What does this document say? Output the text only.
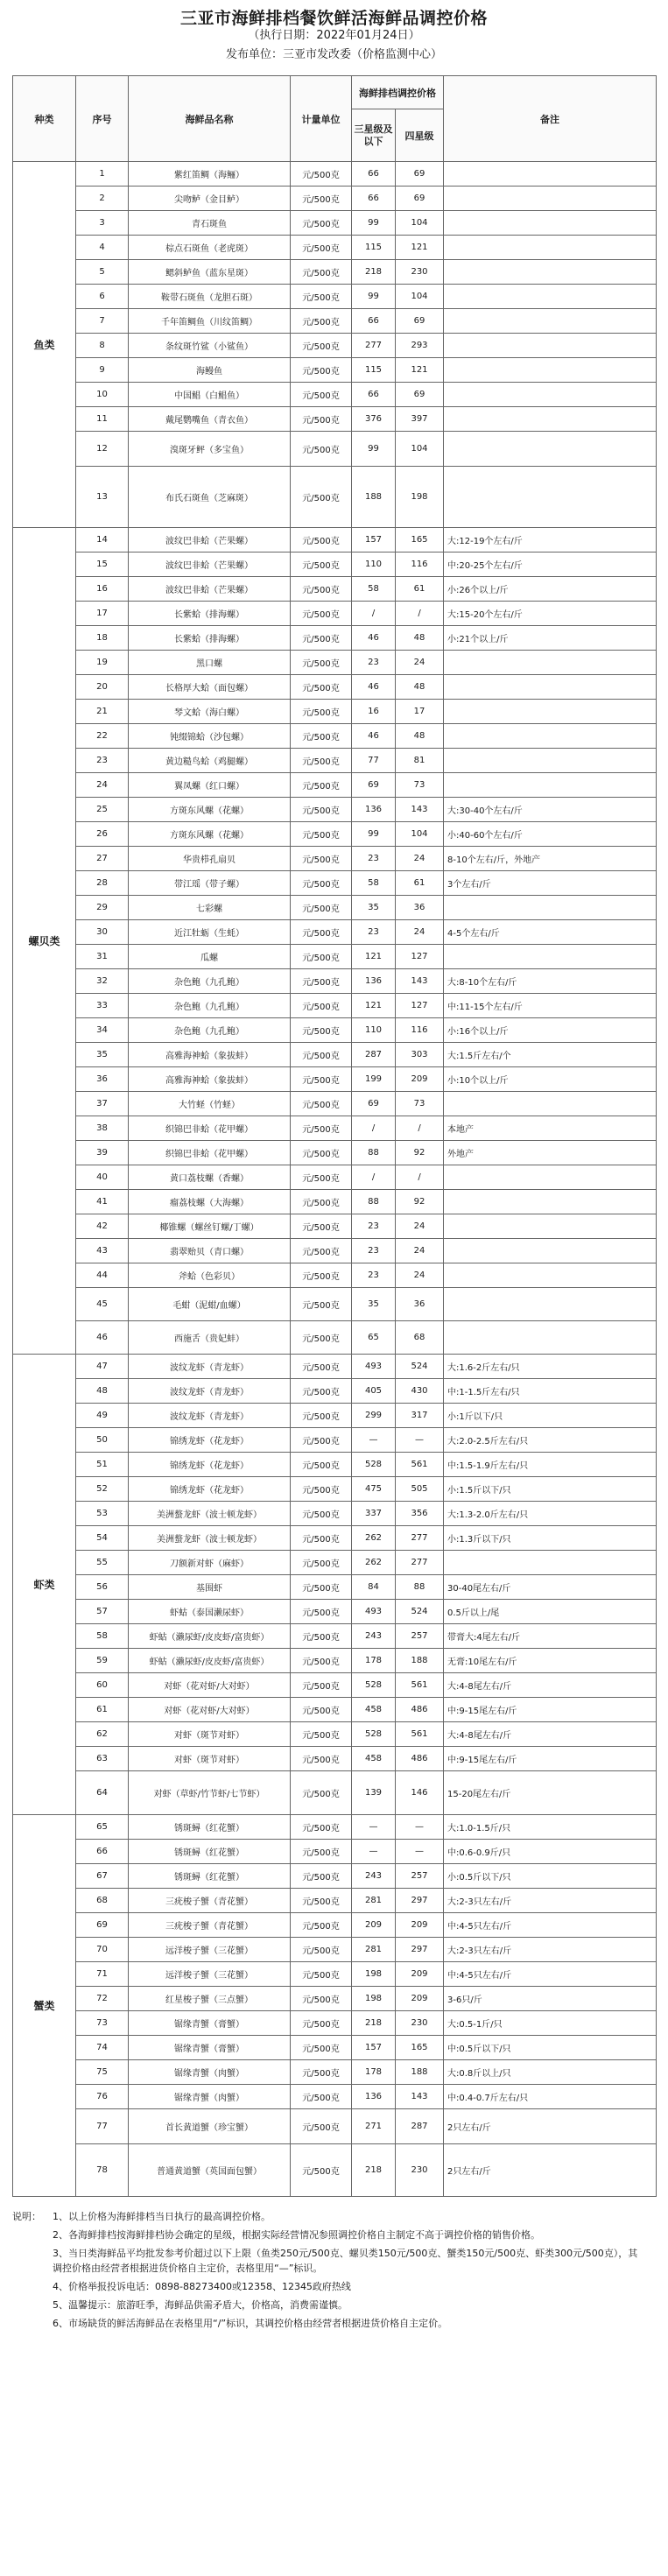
三亚市海鲜排档餐饮鲜活海鲜品调控价格
（执行日期：2022年01月24日）
发布单位：三亚市发改委（价格监测中心）
种类	序号	海鲜品名称	计量单位	海鲜排档调控价格		备注
				三星级及以下	四星级	
鱼类	1	紫红笛鲷（海鲡）	元/500克	66	69	
	2	尖吻鲈（金目鲈）	元/500克	66	69	
	3	青石斑鱼	元/500克	99	104	
	4	棕点石斑鱼（老虎斑）	元/500克	115	121	
	5	鳃斜鲈鱼（蓝东星斑）	元/500克	218	230	
	6	鞍带石斑鱼（龙胆石斑）	元/500克	99	104	
	7	千年笛鲷鱼（川纹笛鲷）	元/500克	66	69	
	8	条纹斑竹鲨（小鲨鱼）	元/500克	277	293	
	9	海鳗鱼	元/500克	115	121	
	10	中国鲳（白鲳鱼）	元/500克	66	69	
	11	戴尾鹦嘴鱼（青衣鱼）	元/500克	376	397	
	12	溴斑牙鲆（多宝鱼）	元/500克	99	104	
	13	布氏石斑鱼（芝麻斑）	元/500克	188	198	
螺贝类	14	波纹巴非蛤（芒果螺）	元/500克	157	165	大:12-19个左右/斤
	15	波纹巴非蛤（芒果螺）	元/500克	110	116	中:20-25个左右/斤
	16	波纹巴非蛤（芒果螺）	元/500克	58	61	小:26个以上/斤
	17	长紫蛤（排海螺）	元/500克	/	/	大:15-20个左右/斤
	18	长紫蛤（排海螺）	元/500克	46	48	小:21个以上/斤
	19	黑口螺	元/500克	23	24	
	20	长格厚大蛤（面包螺）	元/500克	46	48	
	21	琴文蛤（海白螺）	元/500克	16	17	
	22	钝缀锦蛤（沙包螺）	元/500克	46	48	
	23	黄边糙鸟蛤（鸡腿螺）	元/500克	77	81	
	24	翼凤螺（红口螺）	元/500克	69	73	
	25	方斑东风螺（花螺）	元/500克	136	143	大:30-40个左右/斤
	26	方斑东风螺（花螺）	元/500克	99	104	小:40-60个左右/斤
	27	华贵栉孔扇贝	元/500克	23	24	8-10个左右/斤，外地产
	28	带江瑶（带子螺）	元/500克	58	61	3个左右/斤
	29	七彩螺	元/500克	35	36	
	30	近江牡蛎（生蚝）	元/500克	23	24	4-5个左右/斤
	31	瓜螺	元/500克	121	127	
	32	杂色鲍（九孔鲍）	元/500克	136	143	大:8-10个左右/斤
	33	杂色鲍（九孔鲍）	元/500克	121	127	中:11-15个左右/斤
	34	杂色鲍（九孔鲍）	元/500克	110	116	小:16个以上/斤
	35	高雅海神蛤（象拔蚌）	元/500克	287	303	大:1.5斤左右/个
	36	高雅海神蛤（象拔蚌）	元/500克	199	209	小:10个以上/斤
	37	大竹蛏（竹蛏）	元/500克	69	73	
	38	织锦巴非蛤（花甲螺）	元/500克	/	/	本地产
	39	织锦巴非蛤（花甲螺）	元/500克	88	92	外地产
	40	黄口荔枝螺（香螺）	元/500克	/	/	
	41	瘤荔枝螺（大海螺）	元/500克	88	92	
	42	椰锥螺（螺丝钉螺/丁螺）	元/500克	23	24	
	43	翡翠贻贝（青口螺）	元/500克	23	24	
	44	斧蛤（色彩贝）	元/500克	23	24	
	45	毛蚶（泥蚶/血螺）	元/500克	35	36	
	46	西施舌（贵妃蚌）	元/500克	65	68	
虾类	47	波纹龙虾（青龙虾）	元/500克	493	524	大:1.6-2斤左右/只
	48	波纹龙虾（青龙虾）	元/500克	405	430	中:1-1.5斤左右/只
	49	波纹龙虾（青龙虾）	元/500克	299	317	小:1斤以下/只
	50	锦绣龙虾（花龙虾）	元/500克	—	—	大:2.0-2.5斤左右/只
	51	锦绣龙虾（花龙虾）	元/500克	528	561	中:1.5-1.9斤左右/只
	52	锦绣龙虾（花龙虾）	元/500克	475	505	小:1.5斤以下/只
	53	美洲螯龙虾（波士顿龙虾）	元/500克	337	356	大:1.3-2.0斤左右/只
	54	美洲螯龙虾（波士顿龙虾）	元/500克	262	277	小:1.3斤以下/只
	55	刀额新对虾（麻虾）	元/500克	262	277	
	56	基围虾	元/500克	84	88	30-40尾左右/斤
	57	虾蛄（泰国濑尿虾）	元/500克	493	524	0.5斤以上/尾
	58	虾蛄（濑尿虾/皮皮虾/富贵虾）	元/500克	243	257	带膏大:4尾左右/斤
	59	虾蛄（濑尿虾/皮皮虾/富贵虾）	元/500克	178	188	无膏:10尾左右/斤
	60	对虾（花对虾/大对虾）	元/500克	528	561	大:4-8尾左右/斤
	61	对虾（花对虾/大对虾）	元/500克	458	486	中:9-15尾左右/斤
	62	对虾（斑节对虾）	元/500克	528	561	大:4-8尾左右/斤
	63	对虾（斑节对虾）	元/500克	458	486	中:9-15尾左右/斤
	64	对虾（草虾/竹节虾/七节虾）	元/500克	139	146	15-20尾左右/斤
蟹类	65	锈斑蟳（红花蟹）	元/500克	—	—	大:1.0-1.5斤/只
	66	锈斑蟳（红花蟹）	元/500克	—	—	中:0.6-0.9斤/只
	67	锈斑蟳（红花蟹）	元/500克	243	257	小:0.5斤以下/只
	68	三疣梭子蟹（青花蟹）	元/500克	281	297	大:2-3只左右/斤
	69	三疣梭子蟹（青花蟹）	元/500克	209	209	中:4-5只左右/斤
	70	远洋梭子蟹（三花蟹）	元/500克	281	297	大:2-3只左右/斤
	71	远洋梭子蟹（三花蟹）	元/500克	198	209	中:4-5只左右/斤
	72	红星梭子蟹（三点蟹）	元/500克	198	209	3-6只/斤
	73	锯缘青蟹（膏蟹）	元/500克	218	230	大:0.5-1斤/只
	74	锯缘青蟹（膏蟹）	元/500克	157	165	中:0.5斤以下/只
	75	锯缘青蟹（肉蟹）	元/500克	178	188	大:0.8斤以上/只
	76	锯缘青蟹（肉蟹）	元/500克	136	143	中:0.4-0.7斤左右/只
	77	首长黄道蟹（珍宝蟹）	元/500克	271	287	2只左右/斤
	78	普通黄道蟹（英国面包蟹）	元/500克	218	230	2只左右/斤
说明：	1、以上价格为海鲜排档当日执行的最高调控价格。
2、各海鲜排档按海鲜排档协会确定的星级，根据实际经营情况参照调控价格自主制定不高于调控价格的销售价格。
3、当日类海鲜品平均批发参考价超过以下上限（鱼类250元/500克、螺贝类150元/500克、蟹类150元/500克、虾类300元/500克），其调控价格由经营者根据进货价格自主定价，表格里用“—”标识。
4、价格举报投诉电话：0898-88273400或12358、12345政府热线
5、温馨提示：旅游旺季，海鲜品供需矛盾大，价格高，消费需谨慎。
6、市场缺货的鲜活海鲜品在表格里用“/”标识，其调控价格由经营者根据进货价格自主定价。
